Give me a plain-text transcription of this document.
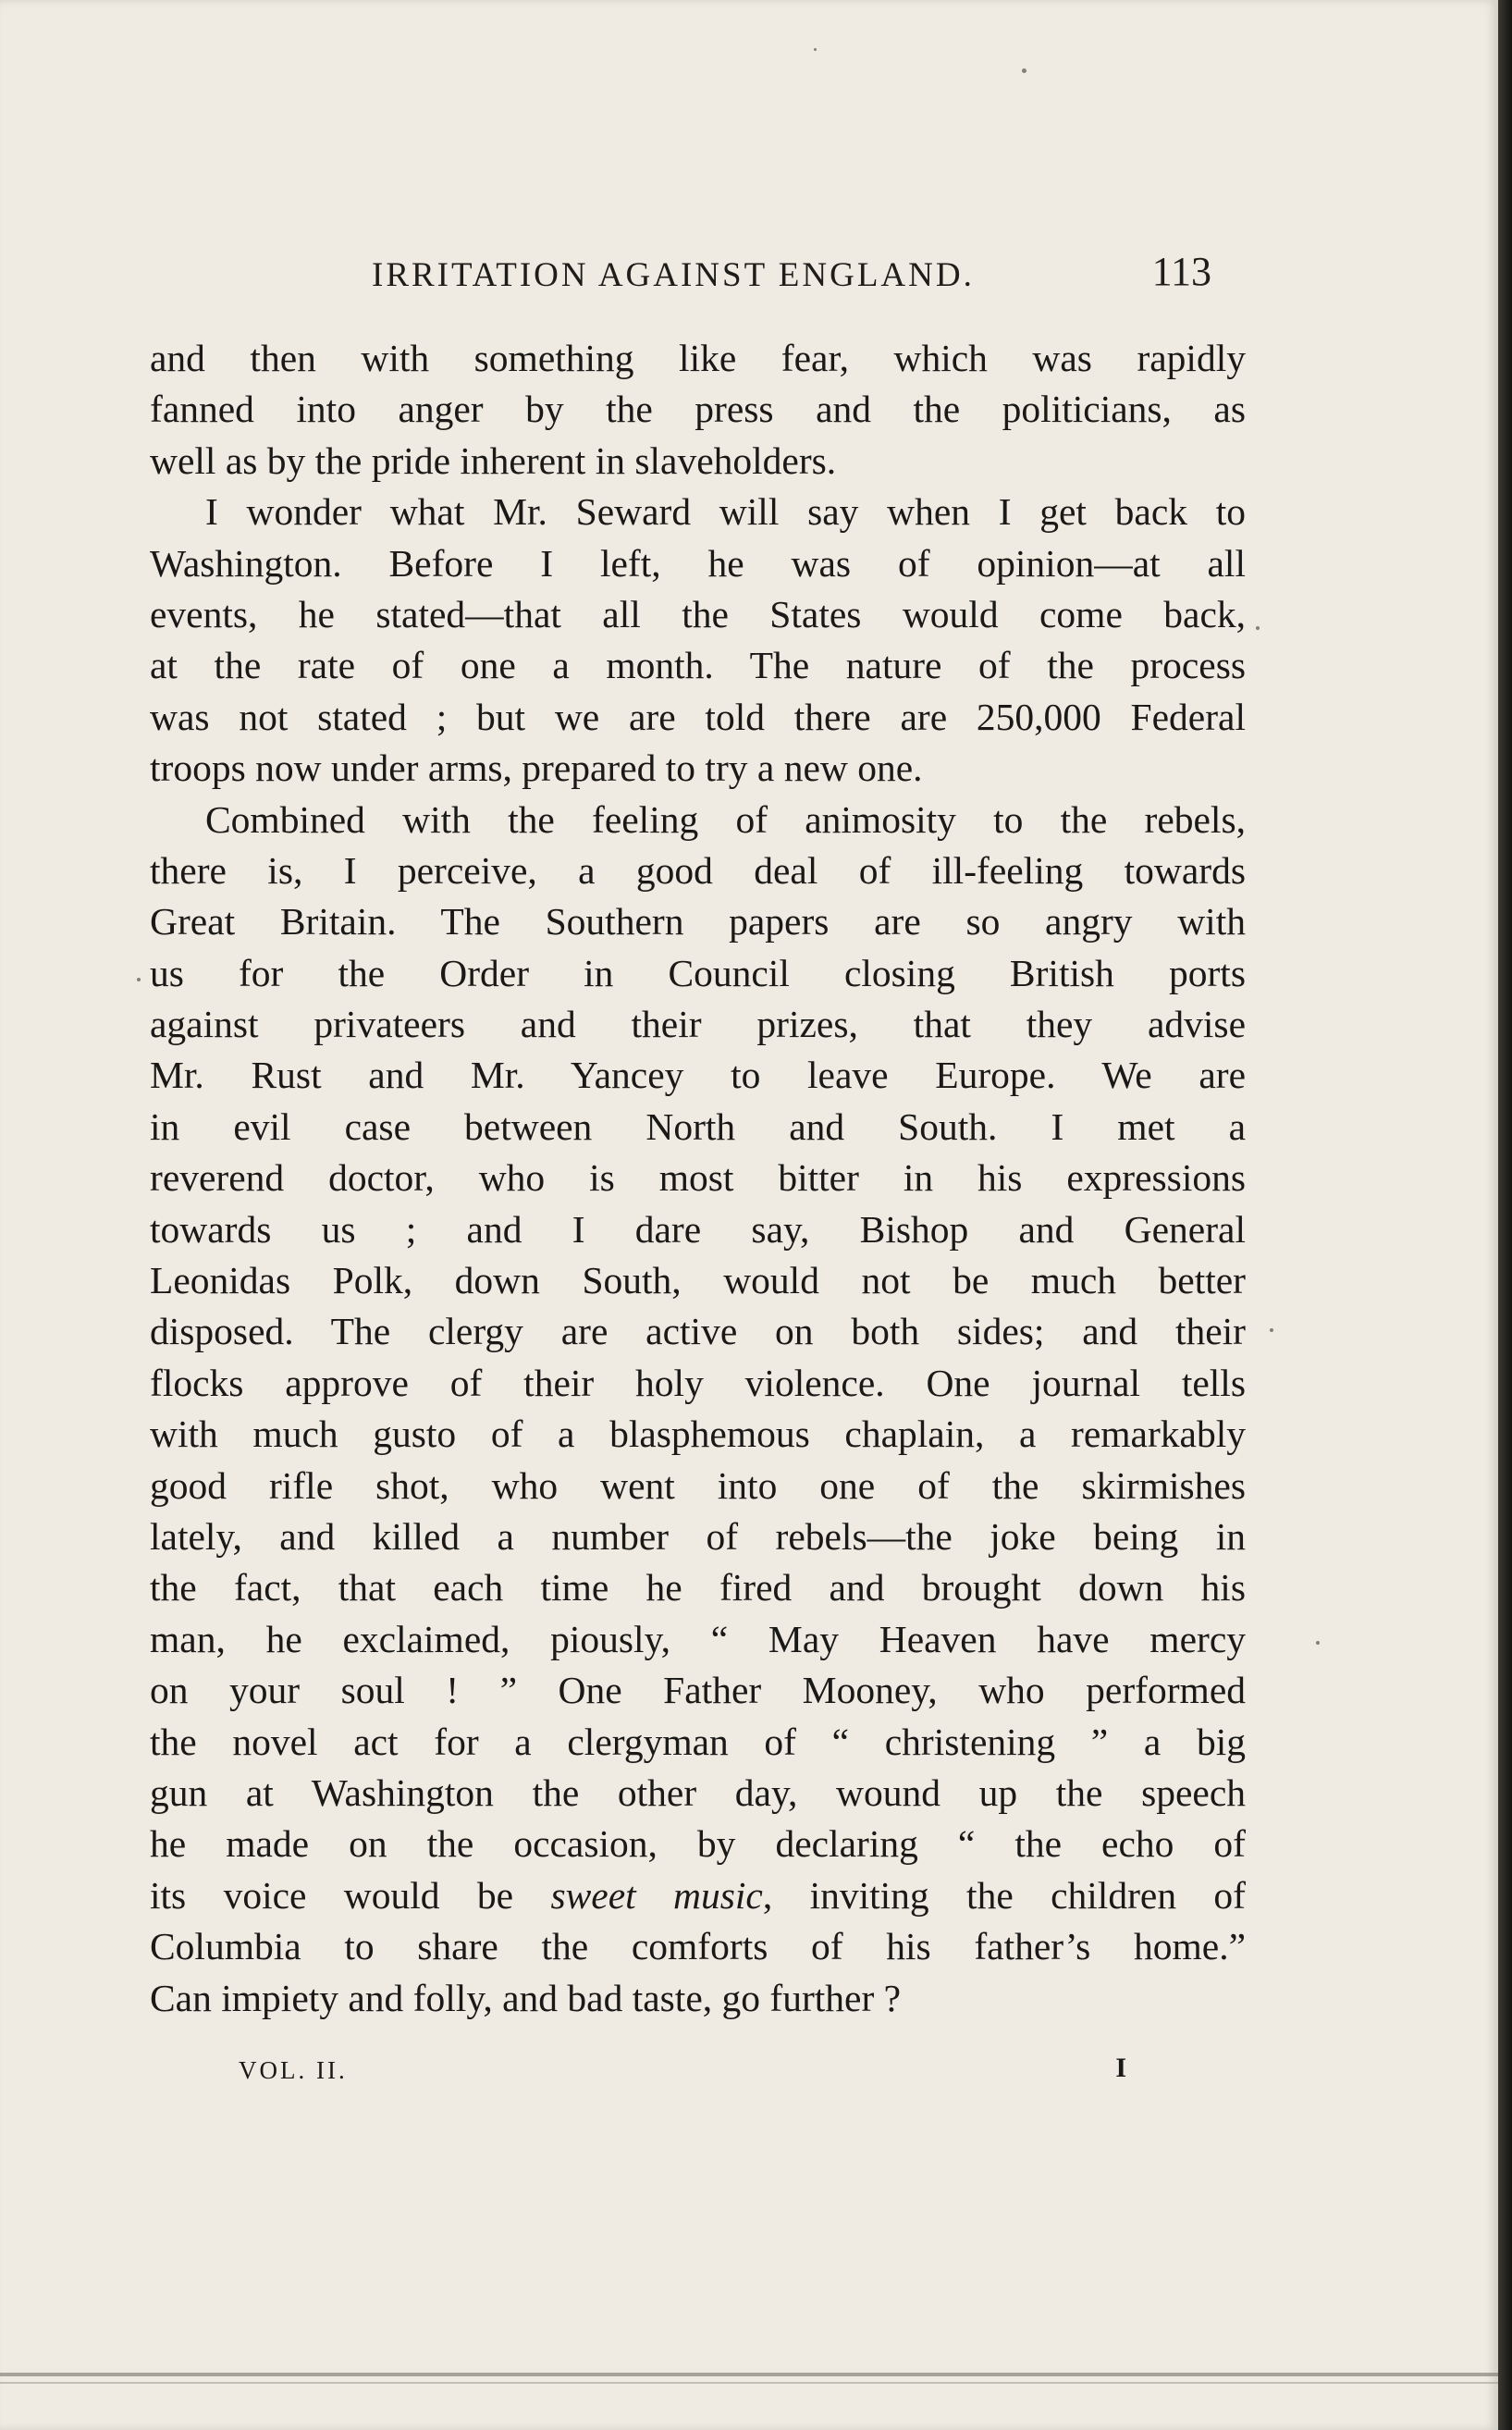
IRRITATION AGAINST ENGLAND.	113
and then with something like fear, which was rapidly
fanned into anger by the press and the politicians, as
well as by the pride inherent in slaveholders.
I wonder what Mr. Seward will say when I get back to
Washington. Before I left, he was of opinion—at all
events, he stated—that all the States would come back,
at the rate of one a month. The nature of the process
was not stated ; but we are told there are 250,000 Federal
troops now under arms, prepared to try a new one.
Combined with the feeling of animosity to the rebels,
there is, I perceive, a good deal of ill-feeling towards
Great Britain. The Southern papers are so angry with
us for the Order in Council closing British ports
against privateers and their prizes, that they advise
Mr. Rust and Mr. Yancey to leave Europe. We are
in evil case between North and South. I met a
reverend doctor, who is most bitter in his expressions
towards us ; and I dare say, Bishop and General
Leonidas Polk, down South, would not be much better
disposed. The clergy are active on both sides; and their
flocks approve of their holy violence. One journal tells
with much gusto of a blasphemous chaplain, a remarkably
good rifle shot, who went into one of the skirmishes
lately, and killed a number of rebels—the joke being in
the fact, that each time he fired and brought down his
man, he exclaimed, piously, “ May Heaven have mercy
on your soul ! ” One Father Mooney, who performed
the novel act for a clergyman of “ christening ” a big
gun at Washington the other day, wound up the speech
he made on the occasion, by declaring “ the echo of
its voice would be sweet music, inviting the children of
Columbia to share the comforts of his father’s home.”
Can impiety and folly, and bad taste, go further ?
VOL. II.	I
